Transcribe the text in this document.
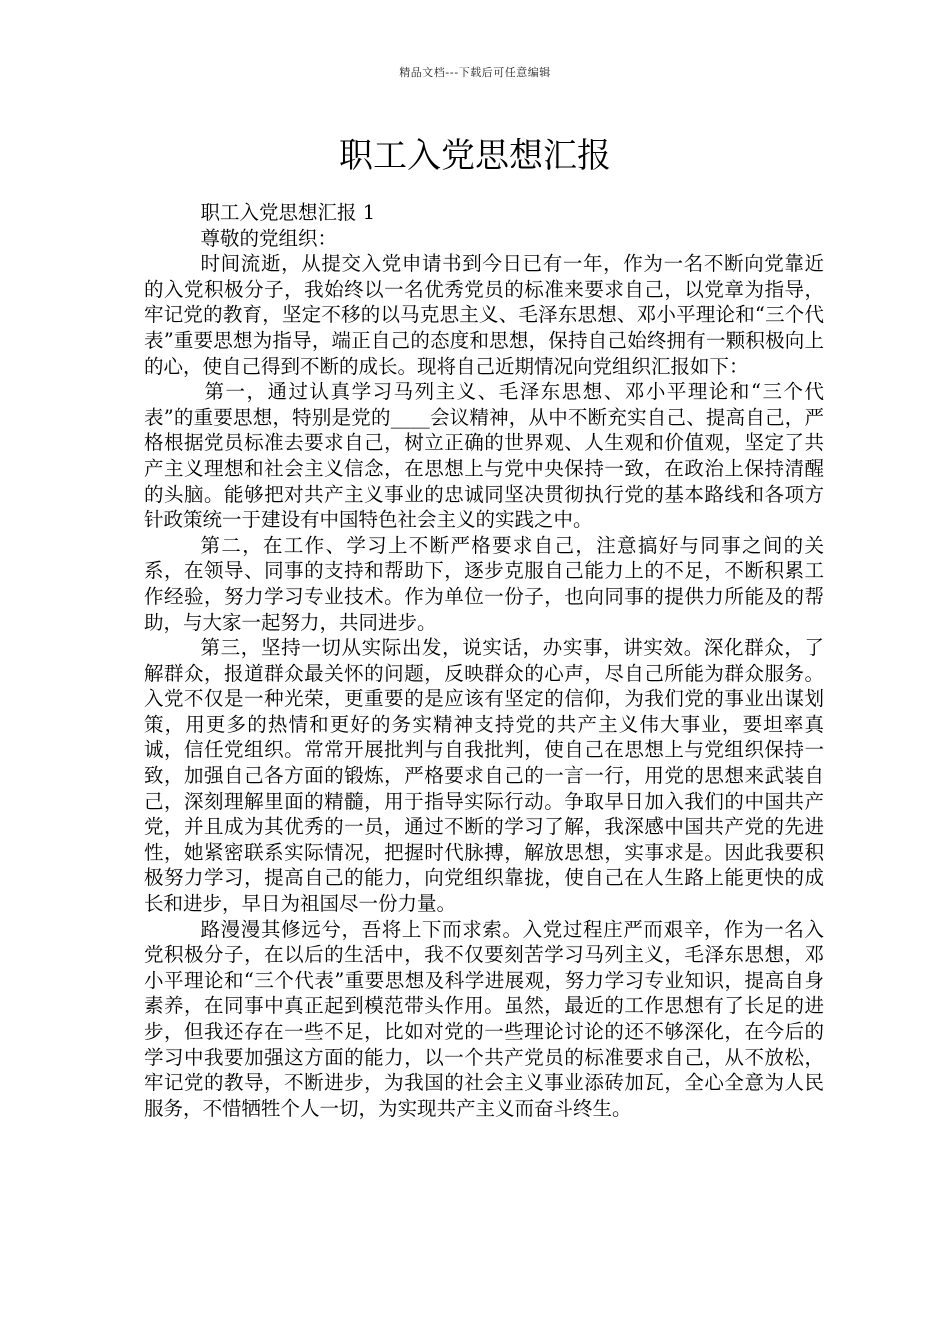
精品文档---下载后可任意编辑
职工入党思想汇报

职工入党思想汇报 1

尊敬的党组织：

时间流逝，从提交入党申请书到今日已有一年，作为一名不断向党靠近的入党积极分子，我始终以一名优秀党员的标准来要求自己，以党章为指导，牢记党的教育，坚定不移的以马克思主义、毛泽东思想、邓小平理论和“三个代表”重要思想为指导，端正自己的态度和思想，保持自己始终拥有一颗积极向上的心，使自己得到不断的成长。现将自己近期情况向党组织汇报如下：

第一，通过认真学习马列主义、毛泽东思想、邓小平理论和“三个代表”的重要思想，特别是党的____会议精神，从中不断充实自己、提高自己，严格根据党员标准去要求自己，树立正确的世界观、人生观和价值观，坚定了共产主义理想和社会主义信念，在思想上与党中央保持一致，在政治上保持清醒的头脑。能够把对共产主义事业的忠诚同坚决贯彻执行党的基本路线和各项方针政策统一于建设有中国特色社会主义的实践之中。

第二，在工作、学习上不断严格要求自己，注意搞好与同事之间的关系，在领导、同事的支持和帮助下，逐步克服自己能力上的不足，不断积累工作经验，努力学习专业技术。作为单位一份子，也向同事的提供力所能及的帮助，与大家一起努力，共同进步。

第三，坚持一切从实际出发，说实话，办实事，讲实效。深化群众，了解群众，报道群众最关怀的问题，反映群众的心声，尽自己所能为群众服务。入党不仅是一种光荣，更重要的是应该有坚定的信仰，为我们党的事业出谋划策，用更多的热情和更好的务实精神支持党的共产主义伟大事业，要坦率真诚，信任党组织。常常开展批判与自我批判，使自己在思想上与党组织保持一致，加强自己各方面的锻炼，严格要求自己的一言一行，用党的思想来武装自己，深刻理解里面的精髓，用于指导实际行动。争取早日加入我们的中国共产党，并且成为其优秀的一员，通过不断的学习了解，我深感中国共产党的先进性，她紧密联系实际情况，把握时代脉搏，解放思想，实事求是。因此我要积极努力学习，提高自己的能力，向党组织靠拢，使自己在人生路上能更快的成长和进步，早日为祖国尽一份力量。

路漫漫其修远兮，吾将上下而求索。入党过程庄严而艰辛，作为一名入党积极分子，在以后的生活中，我不仅要刻苦学习马列主义，毛泽东思想，邓小平理论和“三个代表”重要思想及科学进展观，努力学习专业知识，提高自身素养，在同事中真正起到模范带头作用。虽然，最近的工作思想有了长足的进步，但我还存在一些不足，比如对党的一些理论讨论的还不够深化，在今后的学习中我要加强这方面的能力，以一个共产党员的标准要求自己，从不放松，牢记党的教导，不断进步，为我国的社会主义事业添砖加瓦，全心全意为人民服务，不惜牺牲个人一切，为实现共产主义而奋斗终生。
